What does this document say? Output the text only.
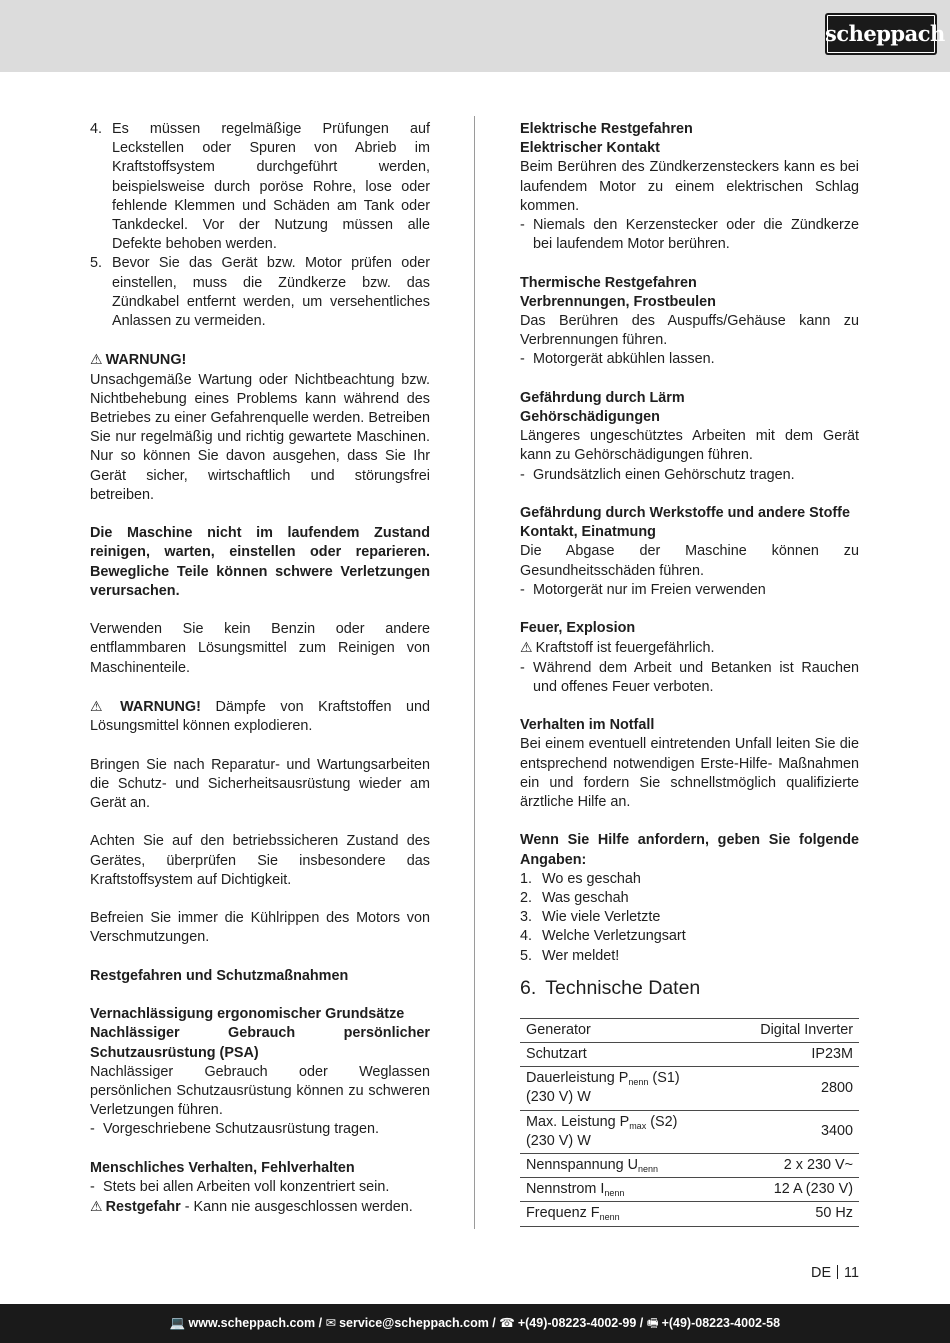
scheppach
4. Es müssen regelmäßige Prüfungen auf Leckstellen oder Spuren von Abrieb im Kraftstoffsystem durchgeführt werden, beispielsweise durch poröse Rohre, lose oder fehlende Klemmen und Schäden am Tank oder Tankdeckel. Vor der Nutzung müssen alle Defekte behoben werden.
5. Bevor Sie das Gerät bzw. Motor prüfen oder einstellen, muss die Zündkerze bzw. das Zündkabel entfernt werden, um versehentliches Anlassen zu vermeiden.

⚠ WARNUNG!

Unsachgemäße Wartung oder Nichtbeachtung bzw. Nichtbehebung eines Problems kann während des Betriebes zu einer Gefahrenquelle werden. Betreiben Sie nur regelmäßig und richtig gewartete Maschinen. Nur so können Sie davon ausgehen, dass Sie Ihr Gerät sicher, wirtschaftlich und störungsfrei betreiben.

Die Maschine nicht im laufendem Zustand reinigen, warten, einstellen oder reparieren. Bewegliche Teile können schwere Verletzungen verursachen.

Verwenden Sie kein Benzin oder andere entflammbaren Lösungsmittel zum Reinigen von Maschinenteile.

⚠ WARNUNG! Dämpfe von Kraftstoffen und Lösungsmittel können explodieren.

Bringen Sie nach Reparatur- und Wartungsarbeiten die Schutz- und Sicherheitsausrüstung wieder am Gerät an.

Achten Sie auf den betriebssicheren Zustand des Gerätes, überprüfen Sie insbesondere das Kraftstoffsystem auf Dichtigkeit.

Befreien Sie immer die Kühlrippen des Motors von Verschmutzungen.

Restgefahren und Schutzmaßnahmen

Vernachlässigung ergonomischer Grundsätze

Nachlässiger Gebrauch persönlicher Schutzausrüstung (PSA)

Nachlässiger Gebrauch oder Weglassen persönlichen Schutzausrüstung können zu schweren Verletzungen führen.

- Vorgeschriebene Schutzausrüstung tragen.

Menschliches Verhalten, Fehlverhalten

- Stets bei allen Arbeiten voll konzentriert sein.

⚠ Restgefahr - Kann nie ausgeschlossen werden.

Elektrische Restgefahren

Elektrischer Kontakt

Beim Berühren des Zündkerzensteckers kann es bei laufendem Motor zu einem elektrischen Schlag kommen.

- Niemals den Kerzenstecker oder die Zündkerze bei laufendem Motor berühren.

Thermische Restgefahren

Verbrennungen, Frostbeulen

Das Berühren des Auspuffs/Gehäuse kann zu Verbrennungen führen.

- Motorgerät abkühlen lassen.

Gefährdung durch Lärm

Gehörschädigungen

Längeres ungeschütztes Arbeiten mit dem Gerät kann zu Gehörschädigungen führen.

- Grundsätzlich einen Gehörschutz tragen.

Gefährdung durch Werkstoffe und andere Stoffe

Kontakt, Einatmung

Die Abgase der Maschine können zu Gesundheitsschäden führen.

- Motorgerät nur im Freien verwenden

Feuer, Explosion

⚠ Kraftstoff ist feuergefährlich.

- Während dem Arbeit und Betanken ist Rauchen und offenes Feuer verboten.

Verhalten im Notfall

Bei einem eventuell eintretenden Unfall leiten Sie die entsprechend notwendigen Erste-Hilfe- Maßnahmen ein und fordern Sie schnellstmöglich qualifizierte ärztliche Hilfe an.

Wenn Sie Hilfe anfordern, geben Sie folgende Angaben:

1. Wo es geschah
2. Was geschah
3. Wie viele Verletzte
4. Welche Verletzungsart
5. Wer meldet!
6. Technische Daten
Generator	Digital Inverter
Schutzart	IP23M
Dauerleistung $P_{nenn}$ (S1)
(230 V) W	2800
Max. Leistung $P_{max}$ (S2)
(230 V) W	3400
Nennspannung $U_{nenn}$	2 x 230 V~
Nennstrom $I_{nenn}$	12 A (230 V)
Frequenz $F_{nenn}$	50 Hz
DE 11
💻 www.scheppach.com / ✉ service@scheppach.com / ☎ +(49)-08223-4002-99 / 🖷 +(49)-08223-4002-58
